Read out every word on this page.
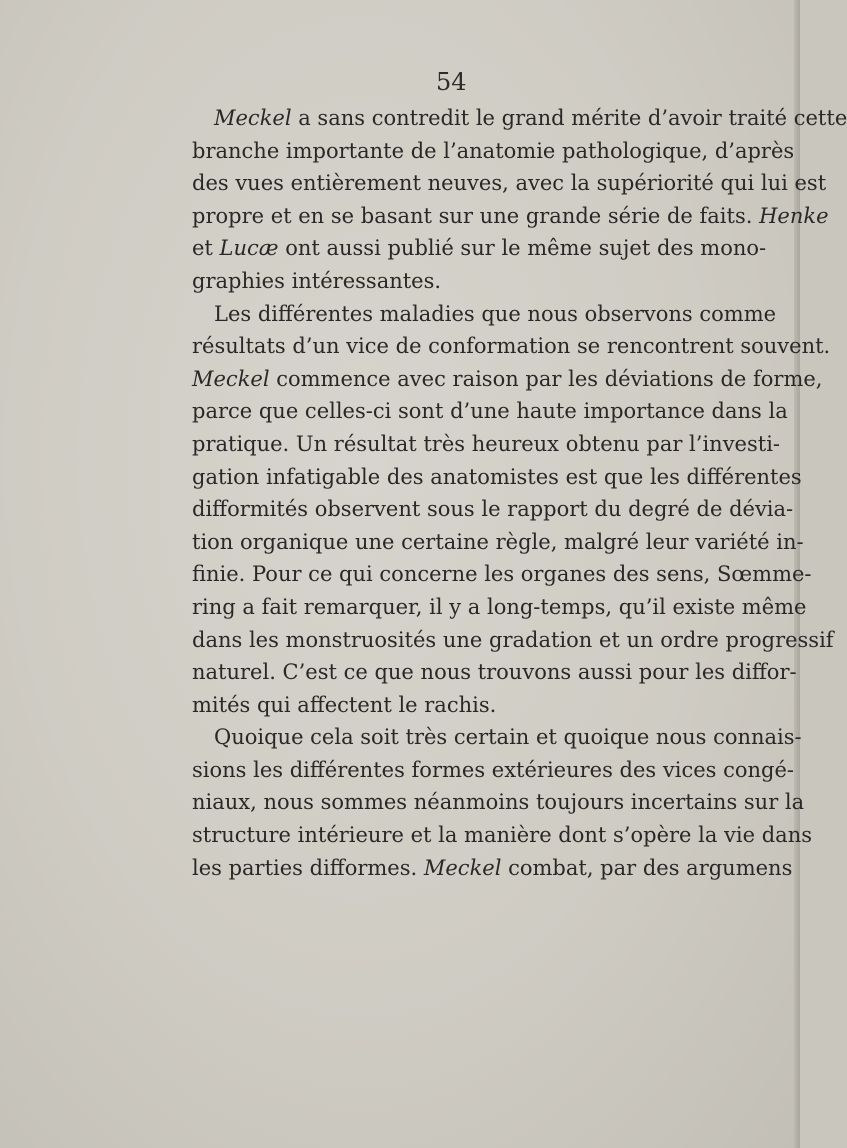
54
Meckel a sans contredit le grand mérite d’avoir traité cette
branche importante de l’anatomie pathologique, d’après
des vues entièrement neuves, avec la supériorité qui lui est
propre et en se basant sur une grande série de faits. Henke
et Lucæ ont aussi publié sur le même sujet des mono-
graphies intéressantes.
Les différentes maladies que nous observons comme
résultats d’un vice de conformation se rencontrent souvent.
Meckel commence avec raison par les déviations de forme,
parce que celles-ci sont d’une haute importance dans la
pratique. Un résultat très heureux obtenu par l’investi-
gation infatigable des anatomistes est que les différentes
difformités observent sous le rapport du degré de dévia-
tion organique une certaine règle, malgré leur variété in-
finie. Pour ce qui concerne les organes des sens, Sœmme-
ring a fait remarquer, il y a long-temps, qu’il existe même
dans les monstruosités une gradation et un ordre progressif
naturel. C’est ce que nous trouvons aussi pour les diffor-
mités qui affectent le rachis.
Quoique cela soit très certain et quoique nous connais-
sions les différentes formes extérieures des vices congé-
niaux, nous sommes néanmoins toujours incertains sur la
structure intérieure et la manière dont s’opère la vie dans
les parties difformes. Meckel combat, par des argumens
